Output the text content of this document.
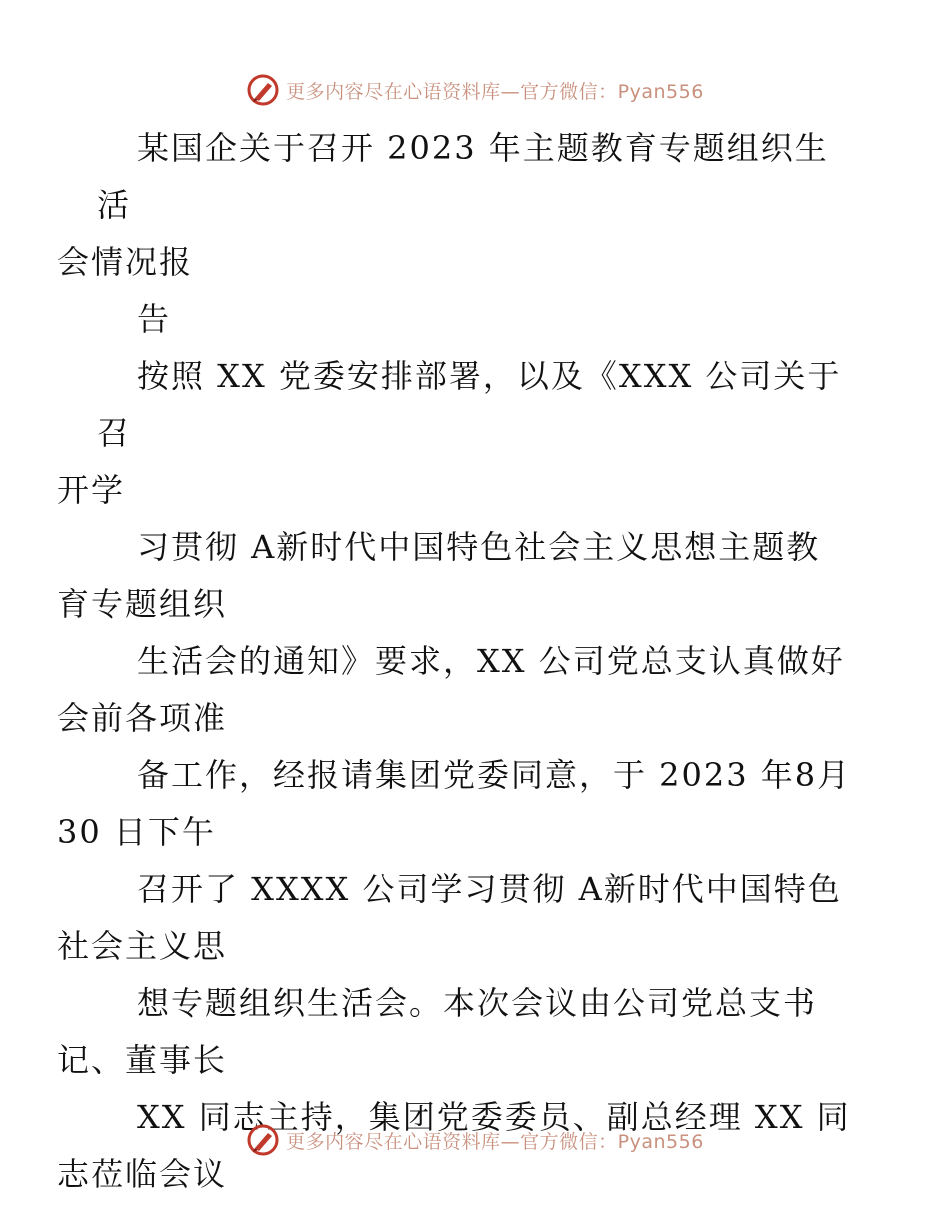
更多内容尽在心语资料库—官方微信：Pyan556

某国企关于召开 2023 年主题教育专题组织生活
会情况报

告

按照 XX 党委安排部署，以及《XXX 公司关于召
开学

习贯彻 A新时代中国特色社会主义思想主题教
育专题组织

生活会的通知》要求，XX 公司党总支认真做好
会前各项准

备工作，经报请集团党委同意，于 2023 年8月
30 日下午

召开了 XXXX 公司学习贯彻 A新时代中国特色
社会主义思

想专题组织生活会。本次会议由公司党总支书
记、董事长

XX 同志主持，集团党委委员、副总经理 XX 同
志莅临会议

更多内容尽在心语资料库—官方微信：Pyan556
